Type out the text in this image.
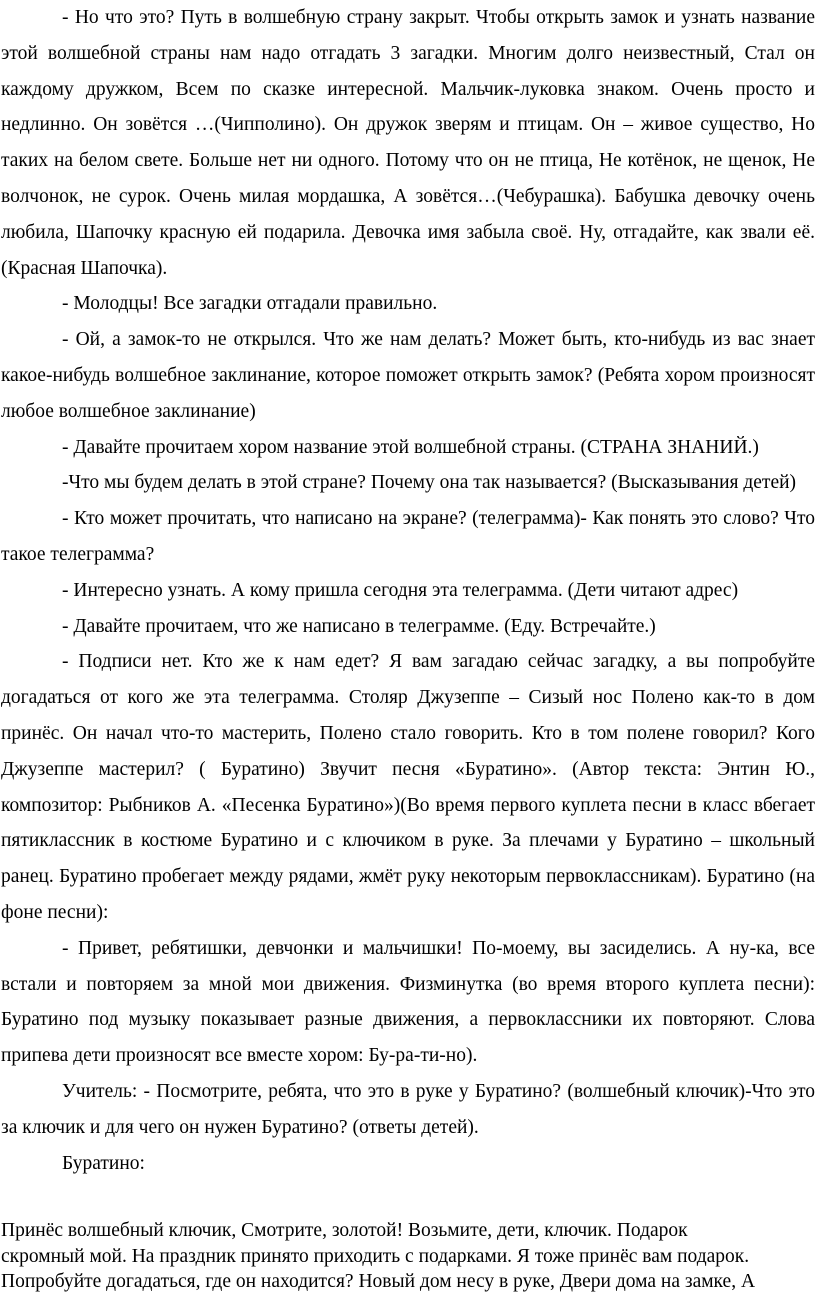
- Но что это? Путь в волшебную страну закрыт. Чтобы открыть замок и узнать название этой волшебной страны нам надо отгадать 3 загадки. Многим долго неизвестный, Стал он каждому дружком, Всем по сказке интересной. Мальчик-луковка знаком. Очень просто и недлинно. Он зовётся …(Чипполино). Он дружок зверям и птицам. Он – живое существо, Но таких на белом свете. Больше нет ни одного. Потому что он не птица, Не котёнок, не щенок, Не волчонок, не сурок. Очень милая мордашка, А зовётся…(Чебурашка). Бабушка девочку очень любила, Шапочку красную ей подарила. Девочка имя забыла своё. Ну, отгадайте, как звали её. (Красная Шапочка).

- Молодцы! Все загадки отгадали правильно.

- Ой, а замок-то не открылся. Что же нам делать? Может быть, кто-нибудь из вас знает какое-нибудь волшебное заклинание, которое поможет открыть замок? (Ребята хором произносят любое волшебное заклинание)

- Давайте прочитаем хором название этой волшебной страны. (СТРАНА ЗНАНИЙ.)

-Что мы будем делать в этой стране? Почему она так называется? (Высказывания детей)

- Кто может прочитать, что написано на экране? (телеграмма)- Как понять это слово? Что такое телеграмма?

- Интересно узнать. А кому пришла сегодня эта телеграмма. (Дети читают адрес)

- Давайте прочитаем, что же написано в телеграмме. (Еду. Встречайте.)

- Подписи нет. Кто же к нам едет? Я вам загадаю сейчас загадку, а вы попробуйте догадаться от кого же эта телеграмма. Столяр Джузеппе – Сизый нос Полено как-то в дом принёс. Он начал что-то мастерить, Полено стало говорить. Кто в том полене говорил? Кого Джузеппе мастерил? ( Буратино) Звучит песня «Буратино». (Автор текста: Энтин Ю., композитор: Рыбников А. «Песенка Буратино»)(Во время первого куплета песни в класс вбегает пятиклассник в костюме Буратино и с ключиком в руке. За плечами у Буратино – школьный ранец. Буратино пробегает между рядами, жмёт руку некоторым первоклассникам). Буратино (на фоне песни):

- Привет, ребятишки, девчонки и мальчишки! По-моему, вы засиделись. А ну-ка, все встали и повторяем за мной мои движения. Физминутка (во время второго куплета песни): Буратино под музыку показывает разные движения, а первоклассники их повторяют. Слова припева дети произносят все вместе хором: Бу-ра-ти-но).

Учитель: - Посмотрите, ребята, что это в руке у Буратино? (волшебный ключик)-Что это за ключик и для чего он нужен Буратино? (ответы детей).

Буратино:

Принёс волшебный ключик, Смотрите, золотой! Возьмите, дети, ключик. Подарок

скромный мой. На праздник принято приходить с подарками. Я тоже принёс вам подарок.

Попробуйте догадаться, где он находится? Новый дом несу в руке, Двери дома на замке, А
